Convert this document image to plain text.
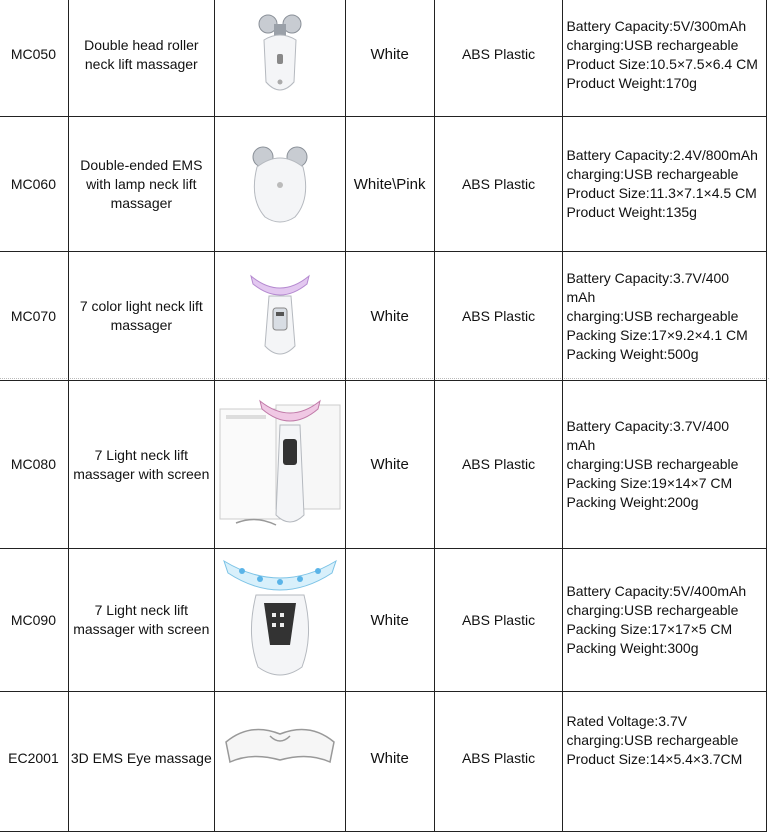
MC050	Double head roller neck lift massager		White	ABS Plastic	Battery Capacity:5V/300mAh
charging:USB rechargeable
Product Size:10.5×7.5×6.4 CM
Product Weight:170g

MC060	Double-ended EMS with lamp neck lift massager		White\Pink	ABS Plastic	Battery Capacity:2.4V/800mAh
charging:USB rechargeable
Product Size:11.3×7.1×4.5 CM
Product Weight:135g

MC070	7 color light neck lift massager		White	ABS Plastic	Battery Capacity:3.7V/400
mAh
charging:USB rechargeable
Packing Size:17×9.2×4.1 CM
Packing Weight:500g

MC080	7 Light neck lift massager with screen		White	ABS Plastic	Battery Capacity:3.7V/400
mAh
charging:USB rechargeable
Packing Size:19×14×7 CM
Packing Weight:200g

MC090	7 Light neck lift massager with screen		White	ABS Plastic	Battery Capacity:5V/400mAh
charging:USB rechargeable
Packing Size:17×17×5 CM
Packing Weight:300g

EC2001	3D EMS Eye massage		White	ABS Plastic	Rated Voltage:3.7V
charging:USB rechargeable
Product Size:14×5.4×3.7CM
